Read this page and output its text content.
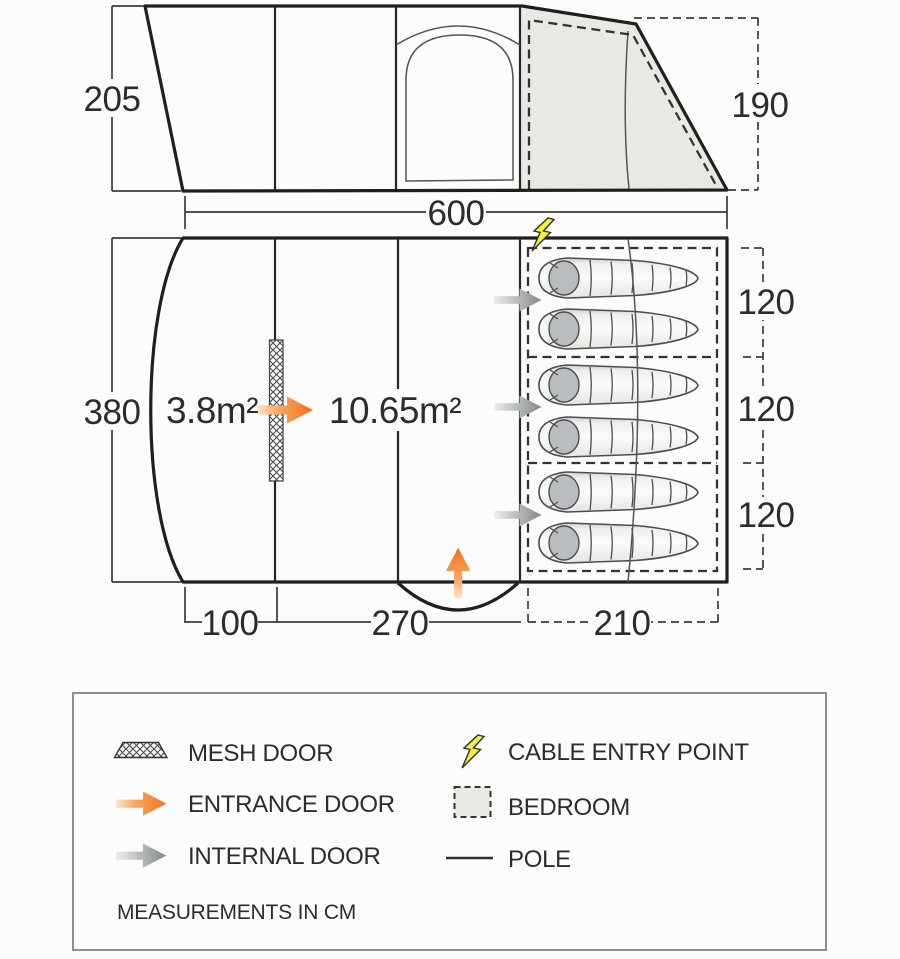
205	190
600
3.8m² 10.65m²
380
100	270	210
120
120
120
MESH DOOR
ENTRANCE DOOR
INTERNAL DOOR
CABLE ENTRY POINT
BEDROOM
POLE
MEASUREMENTS IN CM
